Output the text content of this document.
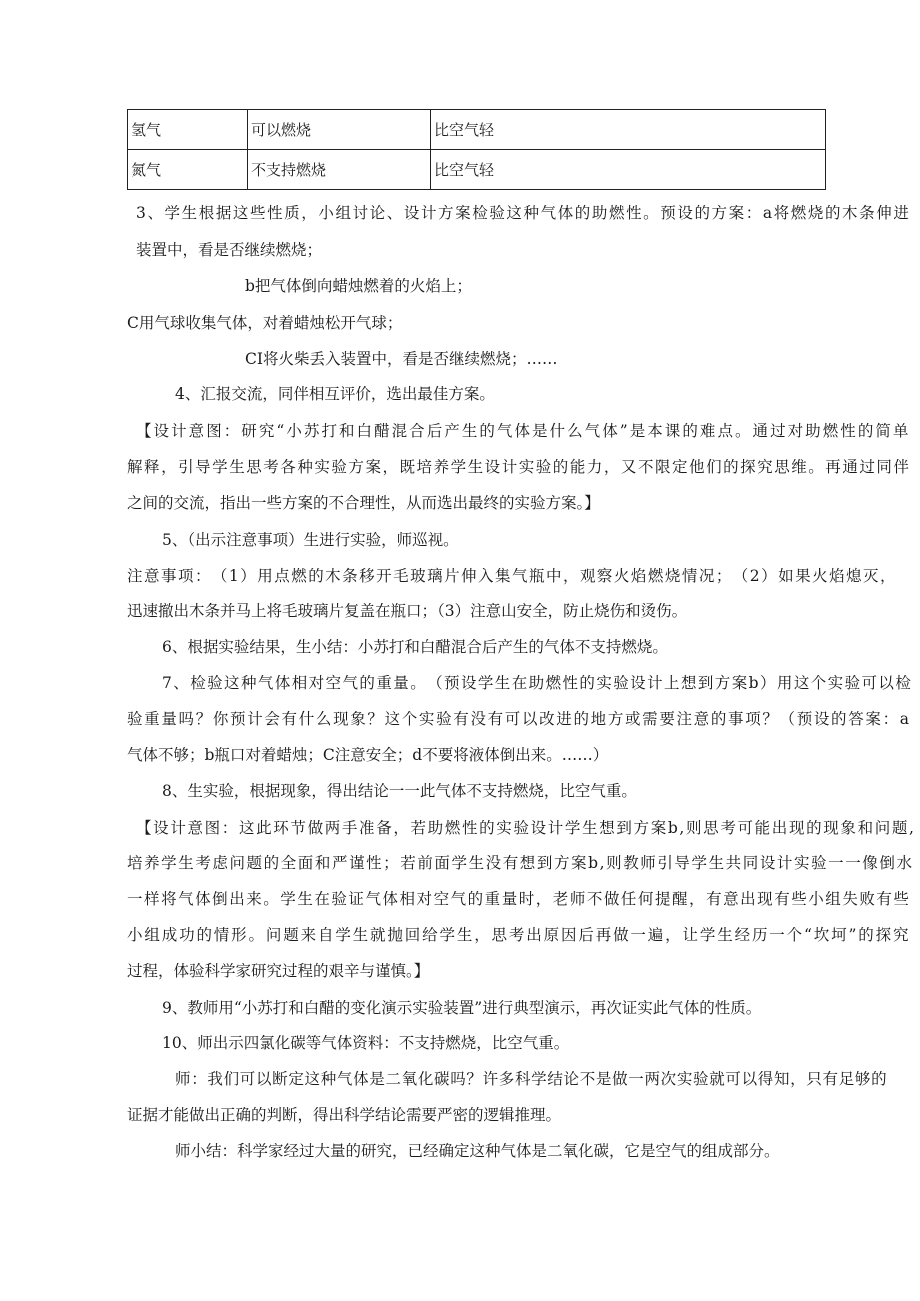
氢气	可以燃烧	比空气轻
氮气	不支持燃烧	比空气轻
3 、 学 生 根 据 这 些 性 质 ， 小 组 讨 论 、 设 计 方 案 检 验 这 种 气 体 的 助 燃 性 。 预 设 的 方 案 ： a 将 燃 烧 的 木 条 伸 进
装置中，看是否继续燃烧；
b把气体倒向蜡烛燃着的火焰上；
C用气球收集气体，对着蜡烛松开气球；
CI将火柴丢入装置中，看是否继续燃烧；……
4、汇报交流，同伴相互评价，选出最佳方案。
【 设 计 意 图 ： 研 究 “ 小 苏 打 和 白 醋 混 合 后 产 生 的 气 体 是 什 么 气 体 ” 是 本 课 的 难 点 。 通 过 对 助 燃 性 的 简 单
解 释 ， 引 导 学 生 思 考 各 种 实 验 方 案 ， 既 培 养 学 生 设 计 实 验 的 能 力 ， 又 不 限 定 他 们 的 探 究 思 维 。 再 通 过 同 伴
之间的交流，指出一些方案的不合理性，从而选出最终的实验方案。】
5、（出示注意事项）生进行实验，师巡视。
注 意 事 项 ： （ 1 ） 用 点 燃 的 木 条 移 开 毛 玻 璃 片 伸 入 集 气 瓶 中 ， 观 察 火 焰 燃 烧 情 况 ； （ 2 ） 如 果 火 焰 熄 灭 ，
迅速撤出木条并马上将毛玻璃片复盖在瓶口；（3）注意山安全，防止烧伤和烫伤。
6、根据实验结果，生小结：小苏打和白醋混合后产生的气体不支持燃烧。
7 、 检 验 这 种 气 体 相 对 空 气 的 重 量 。 （ 预 设 学 生 在 助 燃 性 的 实 验 设 计 上 想 到 方 案 b ） 用 这 个 实 验 可 以 检
验 重 量 吗 ？ 你 预 计 会 有 什 么 现 象 ？ 这 个 实 验 有 没 有 可 以 改 进 的 地 方 或 需 要 注 意 的 事 项 ？ （ 预 设 的 答 案 ： a
气体不够；b瓶口对着蜡烛；C注意安全；d不要将液体倒出来。……）
8、生实验，根据现象，得出结论一一此气体不支持燃烧，比空气重。
【 设 计 意 图 ： 这 此 环 节 做 两 手 准 备 ， 若 助 燃 性 的 实 验 设 计 学 生 想 到 方 案 b , 则 思 考 可 能 出 现 的 现 象 和 问 题 ,
培 养 学 生 考 虑 问 题 的 全 面 和 严 谨 性 ； 若 前 面 学 生 没 有 想 到 方 案 b , 则 教 师 引 导 学 生 共 同 设 计 实 验 一 一 像 倒 水
一 样 将 气 体 倒 出 来 。 学 生 在 验 证 气 体 相 对 空 气 的 重 量 时 ， 老 师 不 做 任 何 提 醒 ， 有 意 出 现 有 些 小 组 失 败 有 些
小 组 成 功 的 情 形 。 问 题 来 自 学 生 就 抛 回 给 学 生 ， 思 考 出 原 因 后 再 做 一 遍 ， 让 学 生 经 历 一 个 “ 坎 坷 ” 的 探 究
过程，体验科学家研究过程的艰辛与谨慎。】
9、教师用“小苏打和白醋的变化演示实验装置”进行典型演示，再次证实此气体的性质。
10、师出示四氯化碳等气体资料：不支持燃烧，比空气重。
师 ： 我 们 可 以 断 定 这 种 气 体 是 二 氧 化 碳 吗 ？ 许 多 科 学 结 论 不 是 做 一 两 次 实 验 就 可 以 得 知 ， 只 有 足 够 的
证据才能做出正确的判断，得出科学结论需要严密的逻辑推理。
师小结：科学家经过大量的研究，已经确定这种气体是二氧化碳，它是空气的组成部分。
